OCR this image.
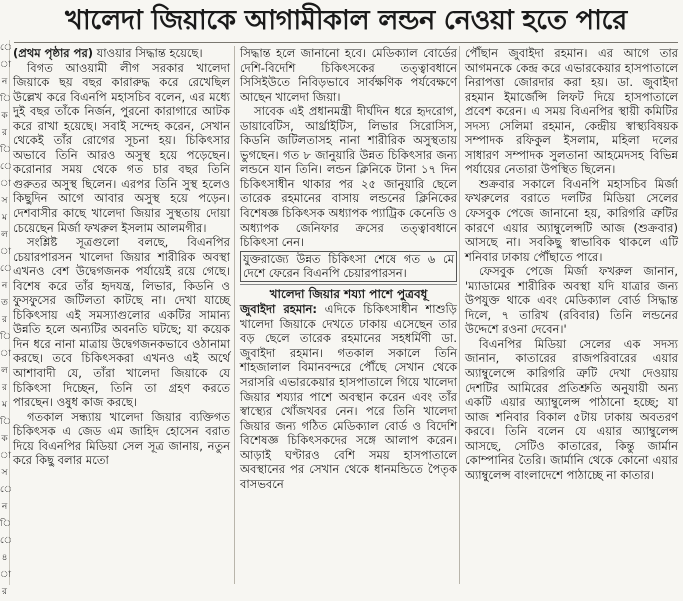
ে
া
ন
ি
ক
র
ি
ে
া
স
ম
ল
া
ে
ন
ত
র
ি
া
ল
র
ম
ি
ক
া
স
ে
ন
ি
ে
৪
া
র
খালেদা জিয়াকে আগামীকাল লন্ডন নেওয়া হতে পারে

(প্রথম পৃষ্ঠার পর) যাওয়ার সিদ্ধান্ত হয়েছে।

বিগত আওয়ামী লীগ সরকার খালেদা জিয়াকে ছয় বছর কারারুদ্ধ করে রেখেছিল উল্লেখ করে বিএনপি মহাসচিব বলেন, এর মধ্যে দুই বছর তাঁকে নির্জন, পুরনো কারাগারে আটক করে রাখা হয়েছে। সবাই সন্দেহ করেন, সেখান থেকেই তাঁর রোগের সূচনা হয়। চিকিৎসার অভাবে তিনি আরও অসুস্থ হয়ে পড়েছেন। করোনার সময় থেকে গত চার বছর তিনি গুরুতর অসুস্থ ছিলেন। এরপর তিনি সুস্থ হলেও কিছুদিন আগে আবার অসুস্থ হয়ে পড়েন। দেশবাসীর কাছে খালেদা জিয়ার সুস্থতায় দোয়া চেয়েছেন মির্জা ফখরুল ইসলাম আলমগীর।

সংশ্লিষ্ট সূত্রগুলো বলছে, বিএনপির চেয়ারপারসন খালেদা জিয়ার শারীরিক অবস্থা এখনও বেশ উদ্বেগজনক পর্যায়েই রয়ে গেছে। বিশেষ করে তাঁর হৃদযন্ত্র, লিভার, কিডনি ও ফুসফুসের জটিলতা কাটছে না। দেখা যাচ্ছে চিকিৎসায় এই সমস্যাগুলোর একটির সামান্য উন্নতি হলে অন্যটির অবনতি ঘটছে; যা কয়েক দিন ধরে নানা মাত্রায় উদ্বেগজনকভাবে ওঠানামা করছে। তবে চিকিৎসকরা এখনও এই অর্থে আশাবাদী যে, তাঁরা খালেদা জিয়াকে যে চিকিৎসা দিচ্ছেন, তিনি তা গ্রহণ করতে পারছেন। ওষুধ কাজ করছে।

গতকাল সন্ধ্যায় খালেদা জিয়ার ব্যক্তিগত চিকিৎসক এ জেড এম জাহিদ হোসেন বরাত দিয়ে বিএনপির মিডিয়া সেল সূত্র জানায়, নতুন করে কিছু বলার মতো

সিদ্ধান্ত হলে জানানো হবে। মেডিক্যাল বোর্ডের দেশি-বিদেশি চিকিৎসকের তত্ত্বাবধানে সিসিইউতে নিবিড়ভাবে সার্বক্ষণিক পর্যবেক্ষণে আছেন খালেদা জিয়া।

সাবেক এই প্রধানমন্ত্রী দীর্ঘদিন ধরে হৃদরোগ, ডায়াবেটিস, আর্থ্রাইটিস, লিভার সিরোসিস, কিডনি জটিলতাসহ নানা শারীরিক অসুস্থতায় ভুগছেন। গত ৮ জানুয়ারি উন্নত চিকিৎসার জন্য লন্ডনে যান তিনি। লন্ডন ক্লিনিকে টানা ১৭ দিন চিকিৎসাধীন থাকার পর ২৫ জানুয়ারি ছেলে তারেক রহমানের বাসায় লন্ডনের ক্লিনিকের বিশেষজ্ঞ চিকিৎসক অধ্যাপক প্যাট্রিক কেনেডি ও অধ্যাপক জেনিফার ক্রসের তত্ত্বাবধানে চিকিৎসা নেন।

যুক্তরাজ্যে উন্নত চিকিৎসা শেষে গত ৬ মে দেশে ফেরেন বিএনপি চেয়ারপারসন।

খালেদা জিয়ার শয্যা পাশে পুত্রবধূ

জুবাইদা রহমান: এদিকে চিকিৎসাধীন শাশুড়ি খালেদা জিয়াকে দেখতে ঢাকায় এসেছেন তার বড় ছেলে তারেক রহমানের সহধর্মিণী ডা. জুবাইদা রহমান। গতকাল সকালে তিনি শাহজালাল বিমানবন্দরে পৌঁছে সেখান থেকে সরাসরি এভারকেয়ার হাসপাতালে গিয়ে খালেদা জিয়ার শয্যার পাশে অবস্থান করেন এবং তাঁর স্বাস্থ্যের খোঁজখবর নেন। পরে তিনি খালেদা জিয়ার জন্য গঠিত মেডিক্যাল বোর্ড ও বিদেশি বিশেষজ্ঞ চিকিৎসকদের সঙ্গে আলাপ করেন। আড়াই ঘণ্টারও বেশি সময় হাসপাতালে অবস্থানের পর সেখান থেকে ধানমন্ডিতে পৈতৃক বাসভবনে

পৌঁছান জুবাইদা রহমান। এর আগে তার আগমনকে কেন্দ্র করে এভারকেয়ার হাসপাতালে নিরাপত্তা জোরদার করা হয়। ডা. জুবাইদা রহমান ইমার্জেন্সি লিফট দিয়ে হাসপাতালে প্রবেশ করেন। এ সময় বিএনপির স্থায়ী কমিটির সদস্য সেলিমা রহমান, কেন্দ্রীয় স্বাস্থ্যবিষয়ক সম্পাদক রফিকুল ইসলাম, মহিলা দলের সাধারণ সম্পাদক সুলতানা আহমেদসহ বিভিন্ন পর্যায়ের নেতারা উপস্থিত ছিলেন।

শুক্রবার সকালে বিএনপি মহাসচিব মির্জা ফখরুলের বরাতে দলটির মিডিয়া সেলের ফেসবুক পেজে জানানো হয়, কারিগরি ত্রুটির কারণে এয়ার অ্যাম্বুলেন্সটি আজ (শুক্রবার) আসছে না। সবকিছু স্বাভাবিক থাকলে এটি শনিবার ঢাকায় পৌঁছাতে পারে।

ফেসবুক পেজে মির্জা ফখরুল জানান, 'ম্যাডামের শারীরিক অবস্থা যদি যাত্রার জন্য উপযুক্ত থাকে এবং মেডিক্যাল বোর্ড সিদ্ধান্ত দিলে, ৭ তারিখ (রবিবার) তিনি লন্ডনের উদ্দেশে রওনা দেবেন।'

বিএনপির মিডিয়া সেলের এক সদস্য জানান, কাতারের রাজপরিবারের এয়ার অ্যাম্বুলেন্সে কারিগরি ত্রুটি দেখা দেওয়ায় দেশটির আমিরের প্রতিশ্রুতি অনুযায়ী অন্য একটি এয়ার অ্যাম্বুলেন্স পাঠানো হচ্ছে; যা আজ শনিবার বিকাল ৫টায় ঢাকায় অবতরণ করবে। তিনি বলেন যে এয়ার অ্যাম্বুলেন্স আসছে, সেটিও কাতারের, কিন্তু জার্মান কোম্পানির তৈরি। জার্মানি থেকে কোনো এয়ার অ্যাম্বুলেন্স বাংলাদেশে পাঠাচ্ছে না কাতার।
